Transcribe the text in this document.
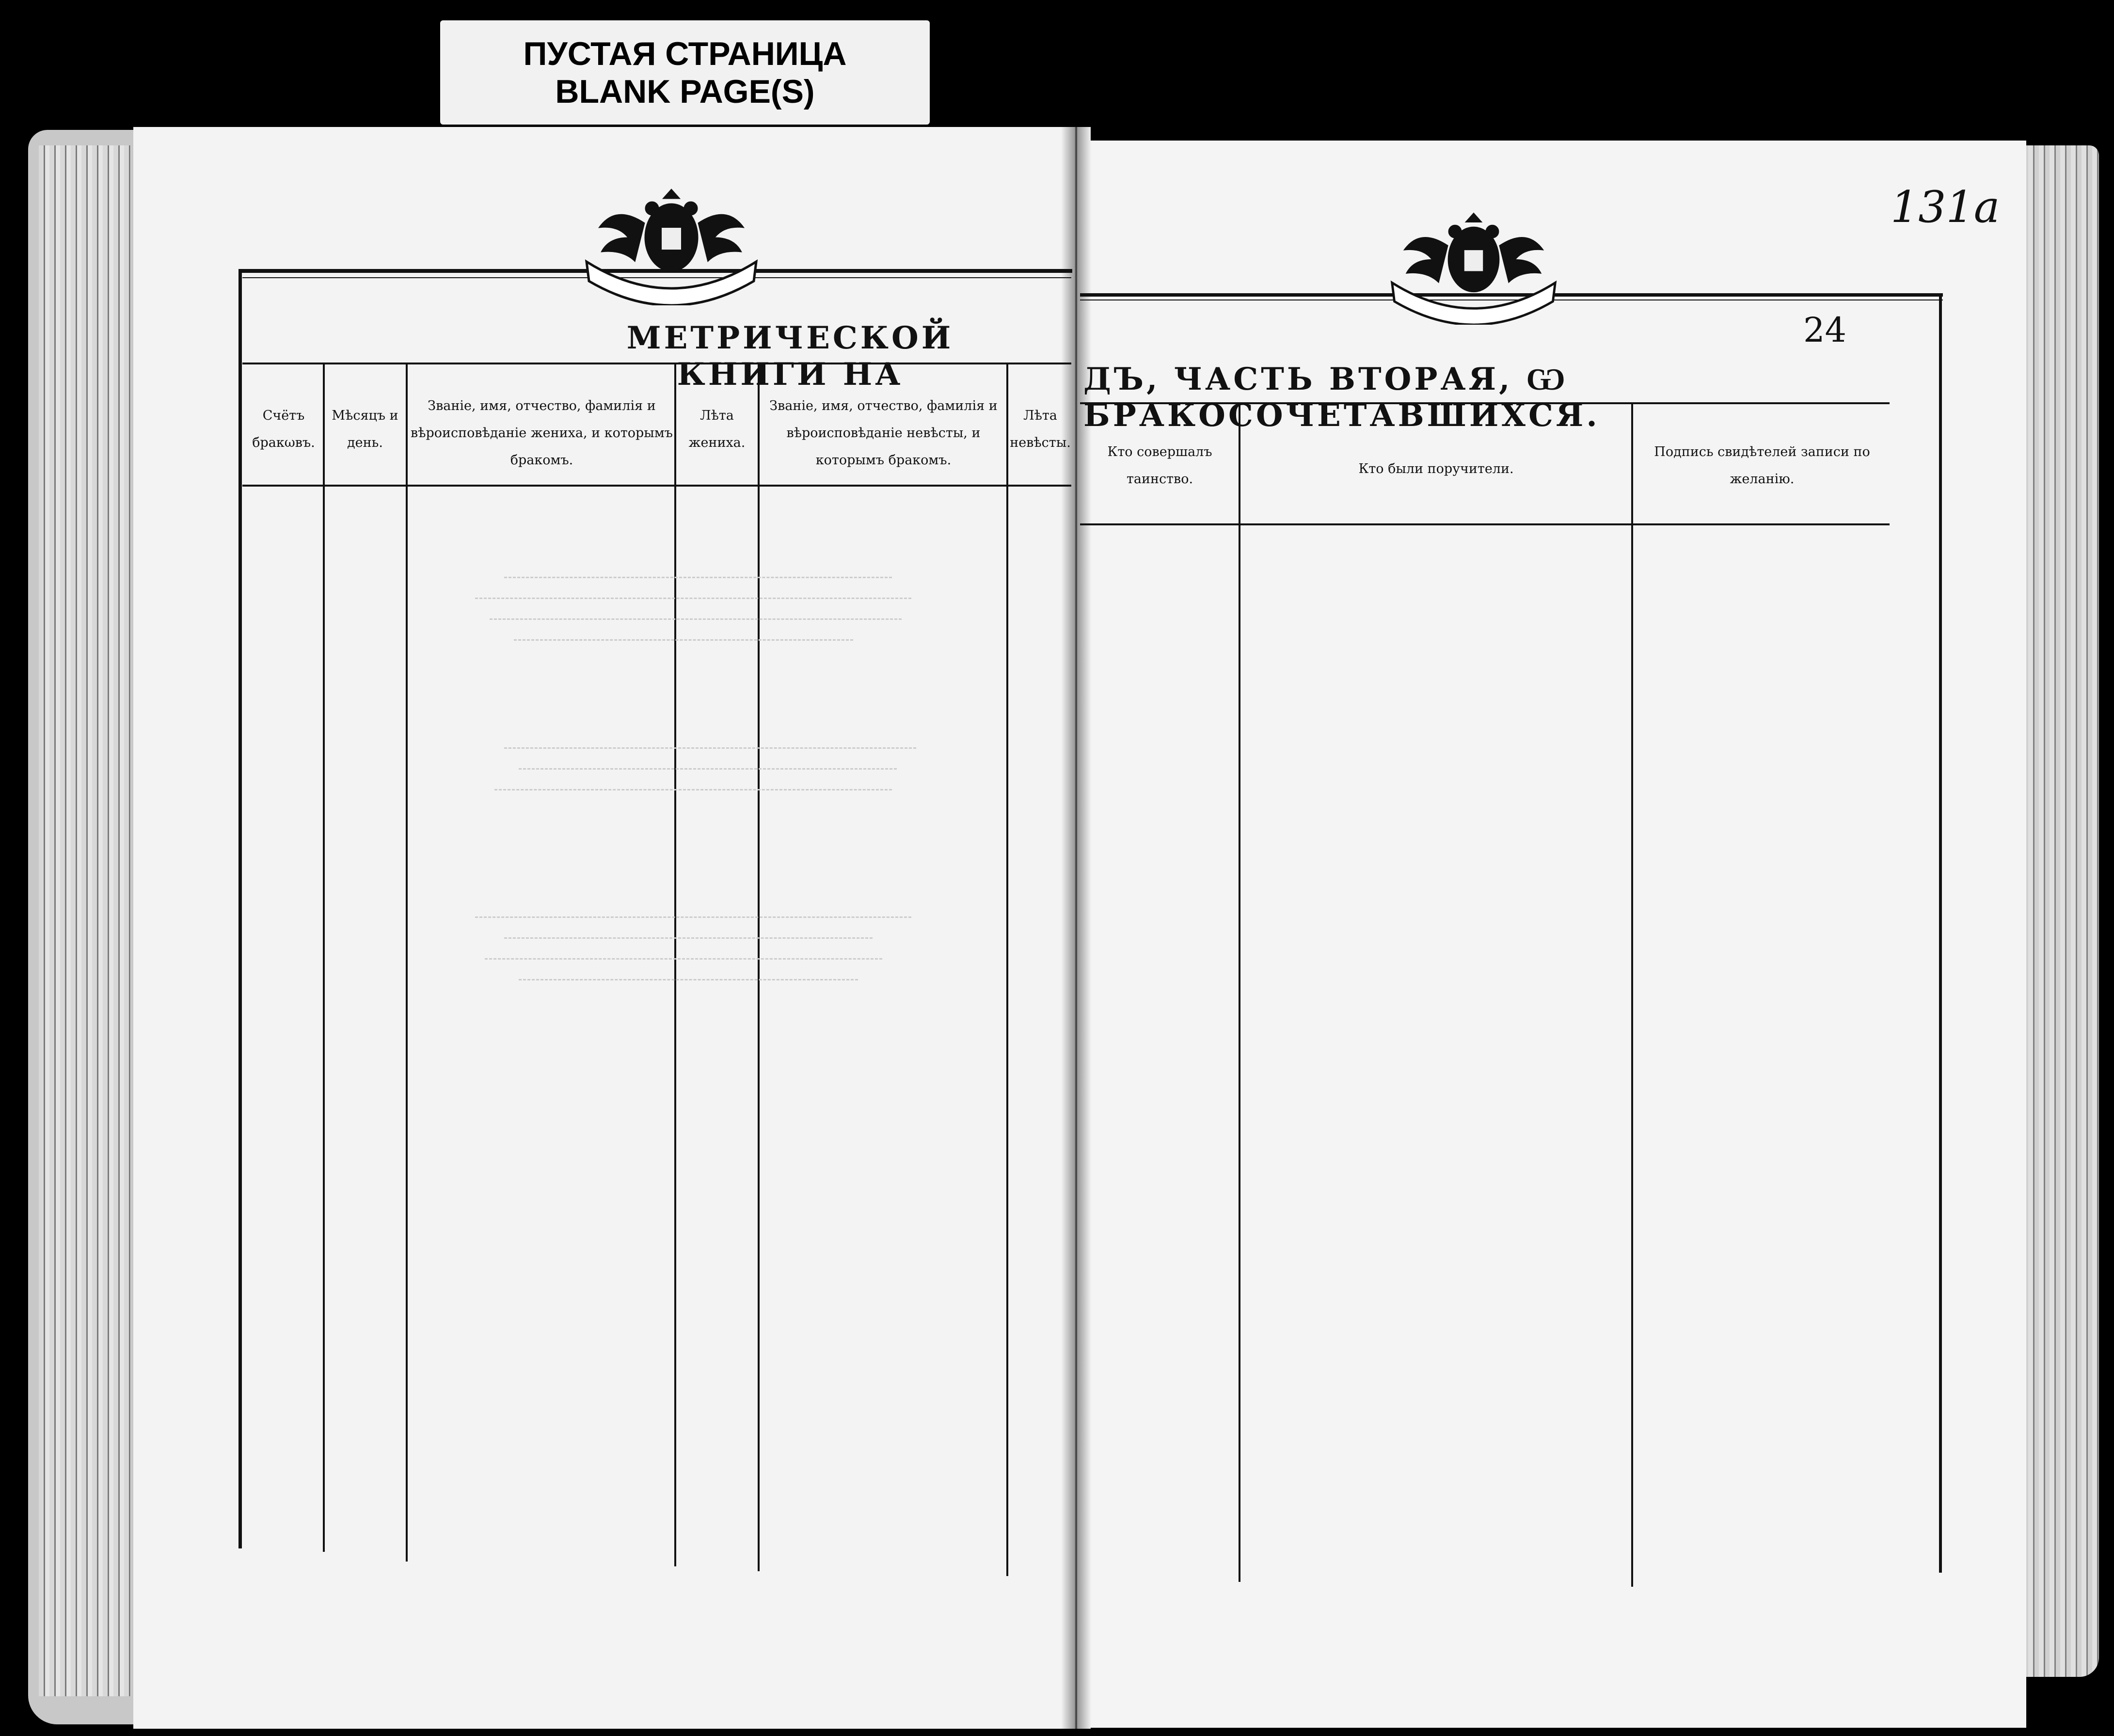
ПУСТАЯ СТРАНИЦА
BLANK PAGE(S)
МЕТРИЧЕСКОЙ КНИГИ НА
Счётъ бракωвъ.
Мѣсяцъ и день.
Званіе, имя, отчество, фамилія и вѣроисповѣданіе жениха, и которымъ бракомъ.
Лѣта жениха.
Званіе, имя, отчество, фамилія и вѣроисповѣданіе невѣсты, и которымъ бракомъ.
Лѣта невѣсты.
ДЪ, ЧАСТЬ ВТОРАЯ, Ѡ БРАКОСОЧЕТАВШИХСЯ.
24
131а
Кто совершалъ таинство.
Кто были поручители.
Подпись свидѣтелей записи по желанію.
